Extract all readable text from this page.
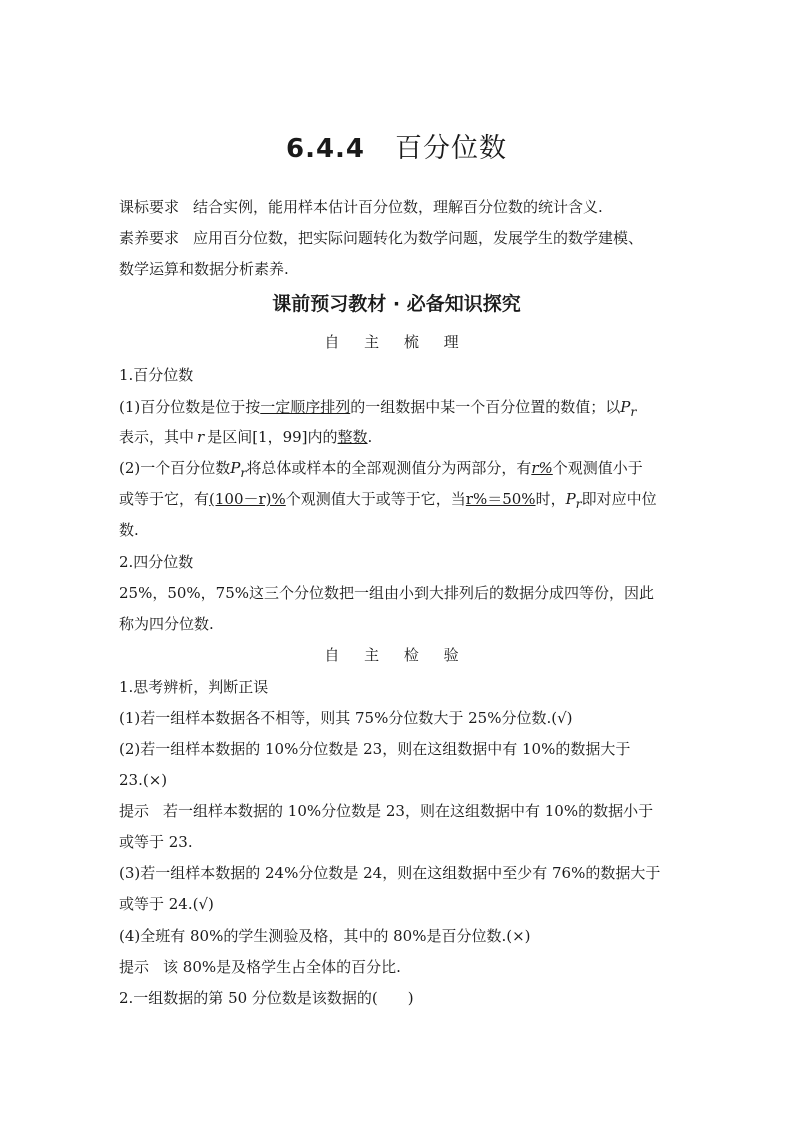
6.4.4 百分位数
课标要求 结合实例，能用样本估计百分位数，理解百分位数的统计含义.
素养要求 应用百分位数，把实际问题转化为数学问题，发展学生的数学建模、
数学运算和数据分析素养.
课前预习教材 · 必备知识探究
自 主 梳 理
1.百分位数
(1)百分位数是位于按一定顺序排列的一组数据中某一个百分位置的数值；以$P_r$
表示，其中 r 是区间[1，99]内的整数.
(2)一个百分位数$P_r$将总体或样本的全部观测值分为两部分，有r%个观测值小于
或等于它，有(100－r)%个观测值大于或等于它，当r%＝50%时，$P_r$即对应中位
数.
2.四分位数
25%，50%，75%这三个分位数把一组由小到大排列后的数据分成四等份，因此
称为四分位数.
自 主 检 验
1.思考辨析，判断正误
(1)若一组样本数据各不相等，则其 75%分位数大于 25%分位数.(√)
(2)若一组样本数据的 10%分位数是 23，则在这组数据中有 10%的数据大于
23.(×)
提示 若一组样本数据的 10%分位数是 23，则在这组数据中有 10%的数据小于
或等于 23.
(3)若一组样本数据的 24%分位数是 24，则在这组数据中至少有 76%的数据大于
或等于 24.(√)
(4)全班有 80%的学生测验及格，其中的 80%是百分位数.(×)
提示 该 80%是及格学生占全体的百分比.
2.一组数据的第 50 分位数是该数据的(　　)
